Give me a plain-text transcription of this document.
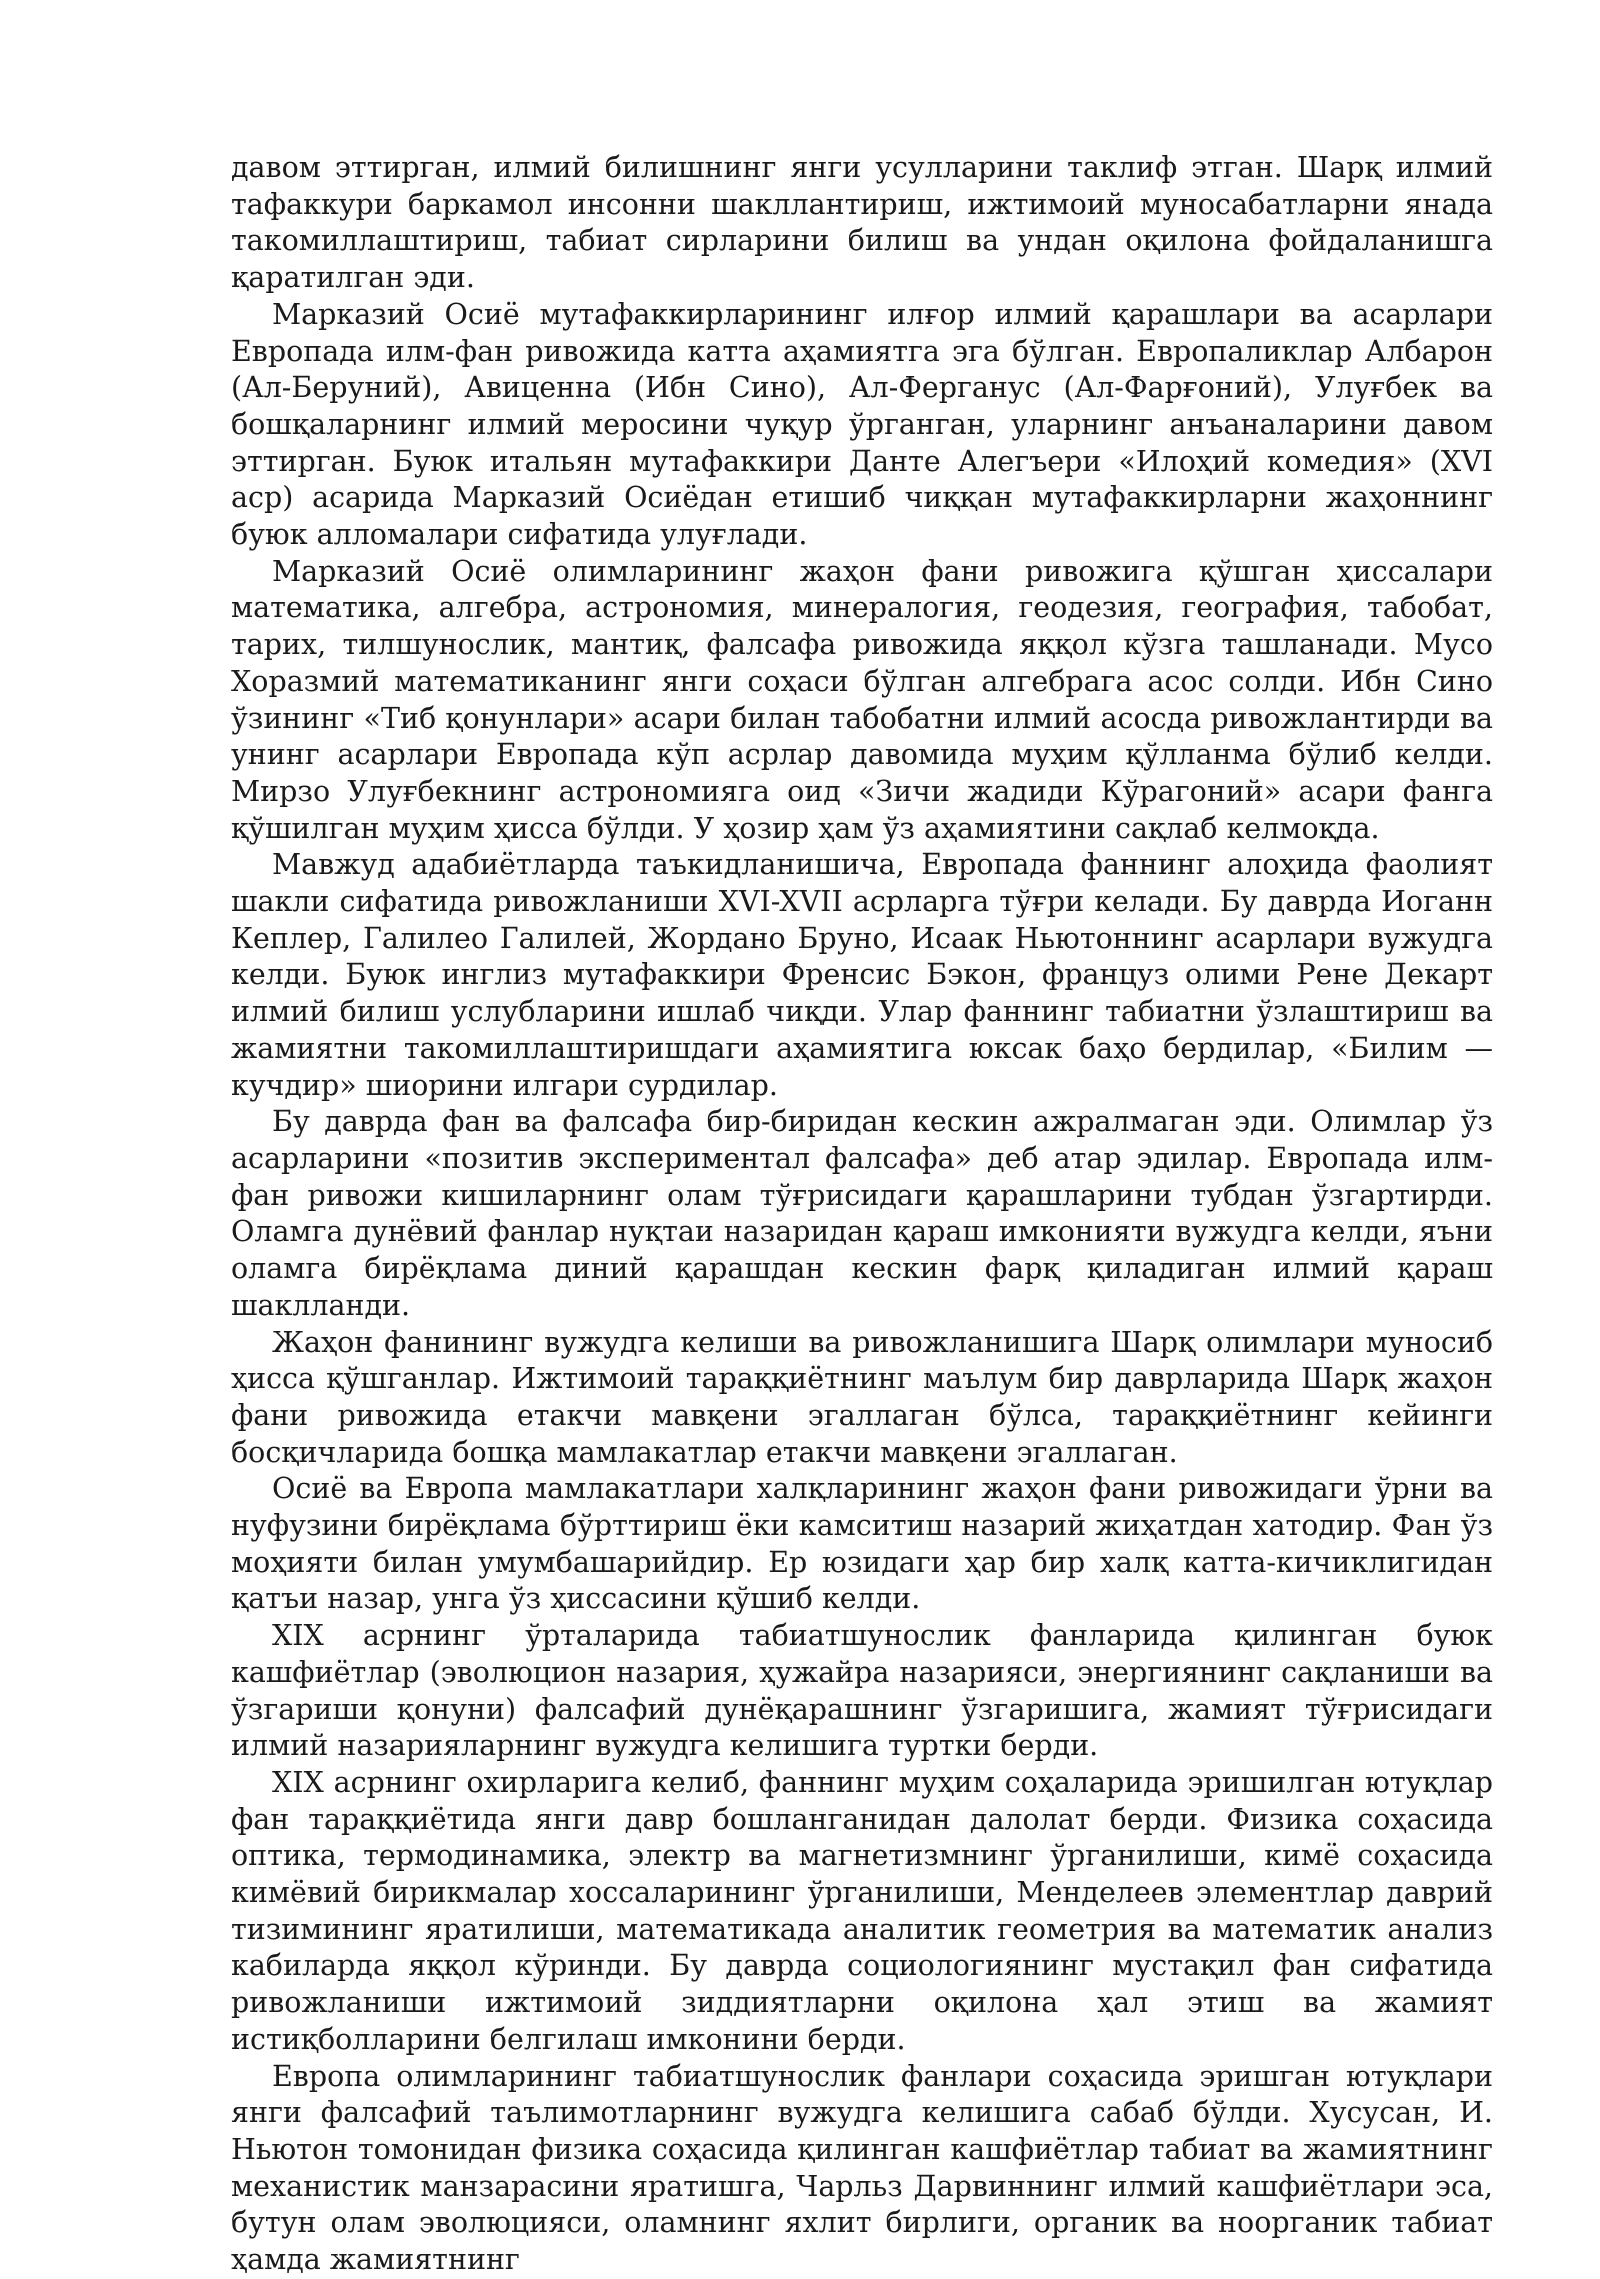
давом эттирган, илмий билишнинг янги усулларини таклиф этган. Шарқ илмий тафаккури баркамол инсонни шакллантириш, ижтимоий муносабатларни янада такомиллаштириш, табиат сирларини билиш ва ундан оқилона фойдаланишга қаратилган эди.

Марказий Осиё мутафаккирларининг илғор илмий қарашлари ва асарлари Европада илм-фан ривожида катта аҳамиятга эга бўлган. Европаликлар Албарон (Ал-Беруний), Авиценна (Ибн Сино), Ал-Ферганус (Ал-Фарғоний), Улуғбек ва бошқаларнинг илмий меросини чуқур ўрганган, уларнинг анъаналарини давом эттирган. Буюк итальян мутафаккири Данте Алегъери «Илоҳий комедия» (XVI аср) асарида Марказий Осиёдан етишиб чиққан мутафаккирларни жаҳоннинг буюк алломалари сифатида улуғлади.

Марказий Осиё олимларининг жаҳон фани ривожига қўшган ҳиссалари математика, алгебра, астрономия, минералогия, геодезия, география, табобат, тарих, тилшунослик, мантиқ, фалсафа ривожида яққол кўзга ташланади. Мусо Хоразмий математиканинг янги соҳаси бўлган алгебрага асос солди. Ибн Сино ўзининг «Тиб қонунлари» асари билан табобатни илмий асосда ривожлантирди ва унинг асарлари Европада кўп асрлар давомида муҳим қўлланма бўлиб келди. Мирзо Улуғбекнинг астрономияга оид «Зичи жадиди Кўрагоний» асари фанга қўшилган муҳим ҳисса бўлди. У ҳозир ҳам ўз аҳамиятини сақлаб келмоқда.

Мавжуд адабиётларда таъкидланишича, Европада фаннинг алоҳида фаолият шакли сифатида ривожланиши XVI-XVII асрларга тўғри келади. Бу даврда Иоганн Кеплер, Галилео Галилей, Жордано Бруно, Исаак Ньютоннинг асарлари вужудга келди. Буюк инглиз мутафаккири Френсис Бэкон, француз олими Рене Декарт илмий билиш услубларини ишлаб чиқди. Улар фаннинг табиатни ўзлаштириш ва жамиятни такомиллаштиришдаги аҳамиятига юксак баҳо бердилар, «Билим — кучдир» шиорини илгари сурдилар.

Бу даврда фан ва фалсафа бир-биридан кескин ажралмаган эди. Олимлар ўз асарларини «позитив экспериментал фалсафа» деб атар эдилар. Европада илм-фан ривожи кишиларнинг олам тўғрисидаги қарашларини тубдан ўзгартирди. Оламга дунёвий фанлар нуқтаи назаридан қараш имконияти вужудга келди, яъни оламга бирёқлама диний қарашдан кескин фарқ қиладиган илмий қараш шаклланди.

Жаҳон фанининг вужудга келиши ва ривожланишига Шарқ олимлари муносиб ҳисса қўшганлар. Ижтимоий тараққиётнинг маълум бир даврларида Шарқ жаҳон фани ривожида етакчи мавқени эгаллаган бўлса, тараққиётнинг кейинги босқичларида бошқа мамлакатлар етакчи мавқени эгаллаган.

Осиё ва Европа мамлакатлари халқларининг жаҳон фани ривожидаги ўрни ва нуфузини бирёқлама бўрттириш ёки камситиш назарий жиҳатдан хатодир. Фан ўз моҳияти билан умумбашарийдир. Ер юзидаги ҳар бир халқ катта-кичиклигидан қатъи назар, унга ўз ҳиссасини қўшиб келди.

XIX асрнинг ўрталарида табиатшунослик фанларида қилинган буюк кашфиётлар (эволюцион назария, ҳужайра назарияси, энергиянинг сақланиши ва ўзгариши қонуни) фалсафий дунёқарашнинг ўзгаришига, жамият тўғрисидаги илмий назарияларнинг вужудга келишига туртки берди.

XIX асрнинг охирларига келиб, фаннинг муҳим соҳаларида эришилган ютуқлар фан тараққиётида янги давр бошланганидан далолат берди. Физика соҳасида оптика, термодинамика, электр ва магнетизмнинг ўрганилиши, кимё соҳасида кимёвий бирикмалар хоссаларининг ўрганилиши, Менделеев элементлар даврий тизимининг яратилиши, математикада аналитик геометрия ва математик анализ кабиларда яққол кўринди. Бу даврда социологиянинг мустақил фан сифатида ривожланиши ижтимоий зиддиятларни оқилона ҳал этиш ва жамият истиқболларини белгилаш имконини берди.

Европа олимларининг табиатшунослик фанлари соҳасида эришган ютуқлари янги фалсафий таълимотларнинг вужудга келишига сабаб бўлди. Хусусан, И. Ньютон томонидан физика соҳасида қилинган кашфиётлар табиат ва жамиятнинг механистик манзарасини яратишга, Чарльз Дарвиннинг илмий кашфиётлари эса, бутун олам эволюцияси, оламнинг яхлит бирлиги, органик ва ноорганик табиат ҳамда жамиятнинг
